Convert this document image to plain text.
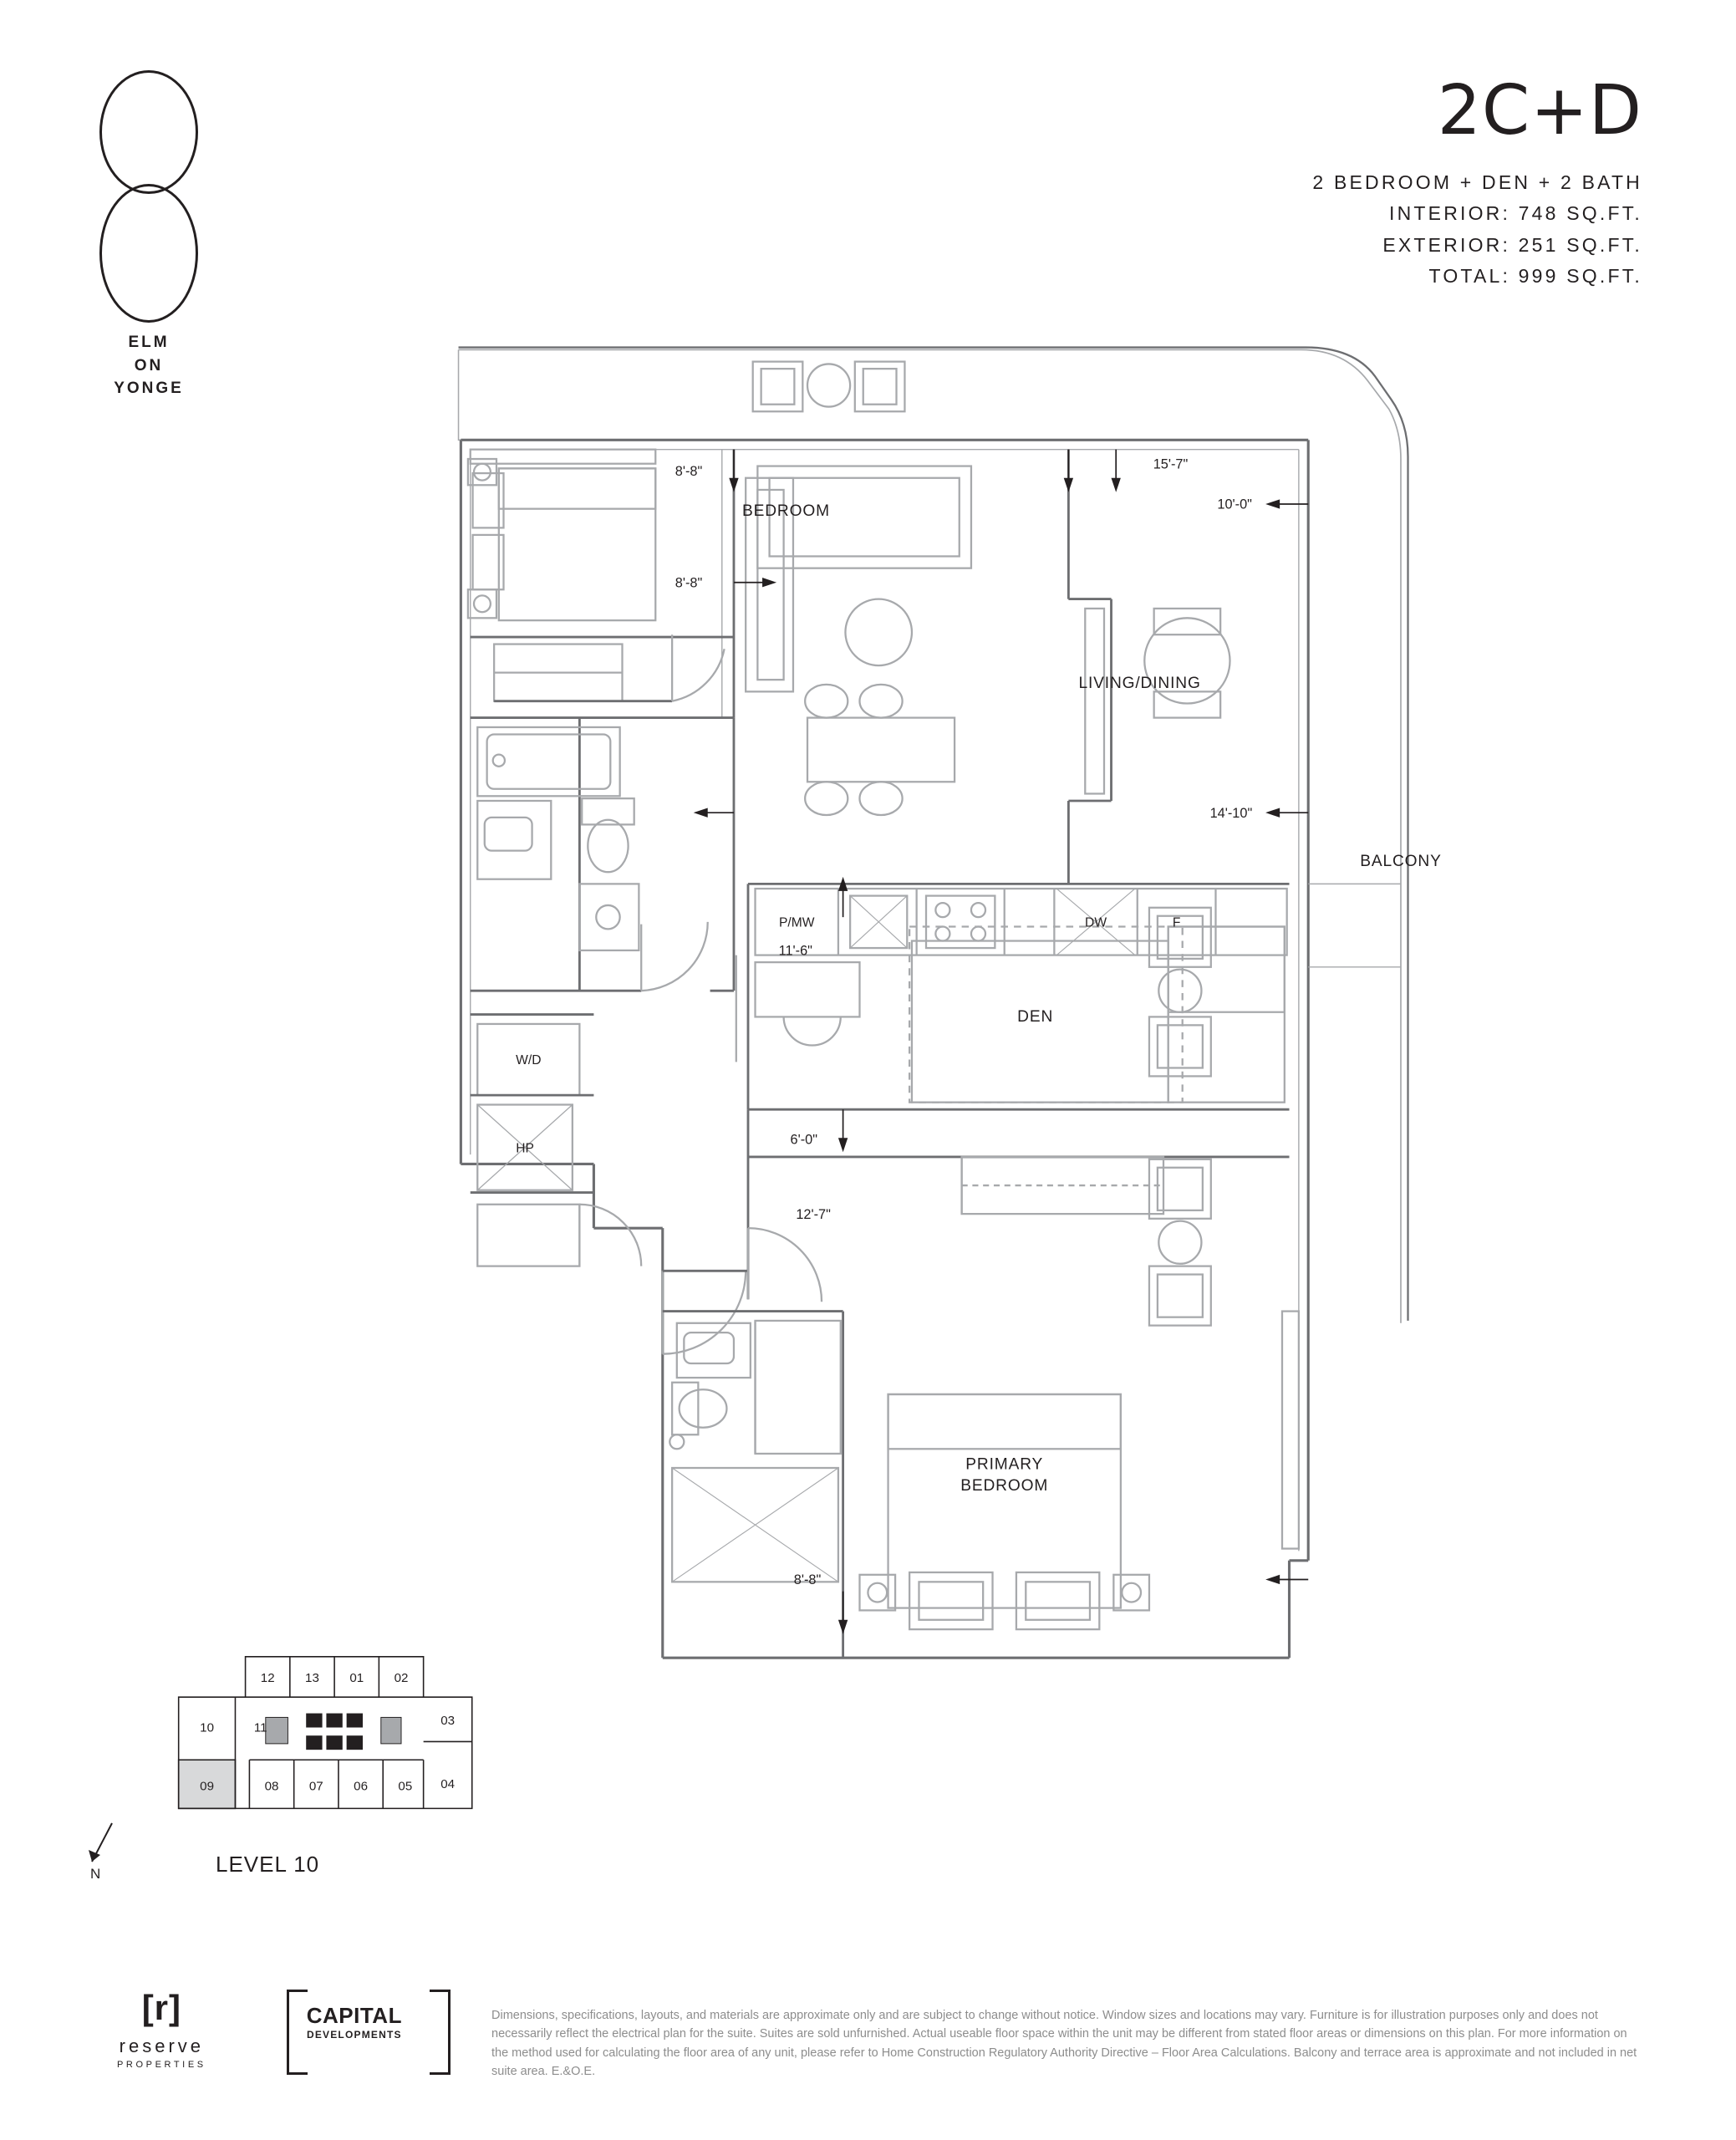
ELM
ON
YONGE
2C+D
2 BEDROOM + DEN + 2 BATH
INTERIOR: 748 SQ.FT.
EXTERIOR: 251 SQ.FT.
TOTAL: 999 SQ.FT.
BEDROOM
LIVING/DINING
BALCONY
DEN
PRIMARY
BEDROOM
P/MW	DW	F
W/D
HP
8'-8"	15'-7"
10'-0"
8'-8"
14'-10"
11'-6"
6'-0"
12'-7"
8'-8"
12	13	01	02
03
10	11
04
09	08	07	06	05
LEVEL 10
N
[r]
reserve
PROPERTIES
CAPITAL
DEVELOPMENTS
Dimensions, specifications, layouts, and materials are approximate only and are subject to change without notice. Window sizes and locations may vary. Furniture is for illustration purposes only and does not necessarily reflect the electrical plan for the suite. Suites are sold unfurnished. Actual useable floor space within the unit may be different from stated floor areas or dimensions on this plan. For more information on the method used for calculating the floor area of any unit, please refer to Home Construction Regulatory Authority Directive – Floor Area Calculations. Balcony and terrace area is approximate and not included in net suite area. E.&O.E.
